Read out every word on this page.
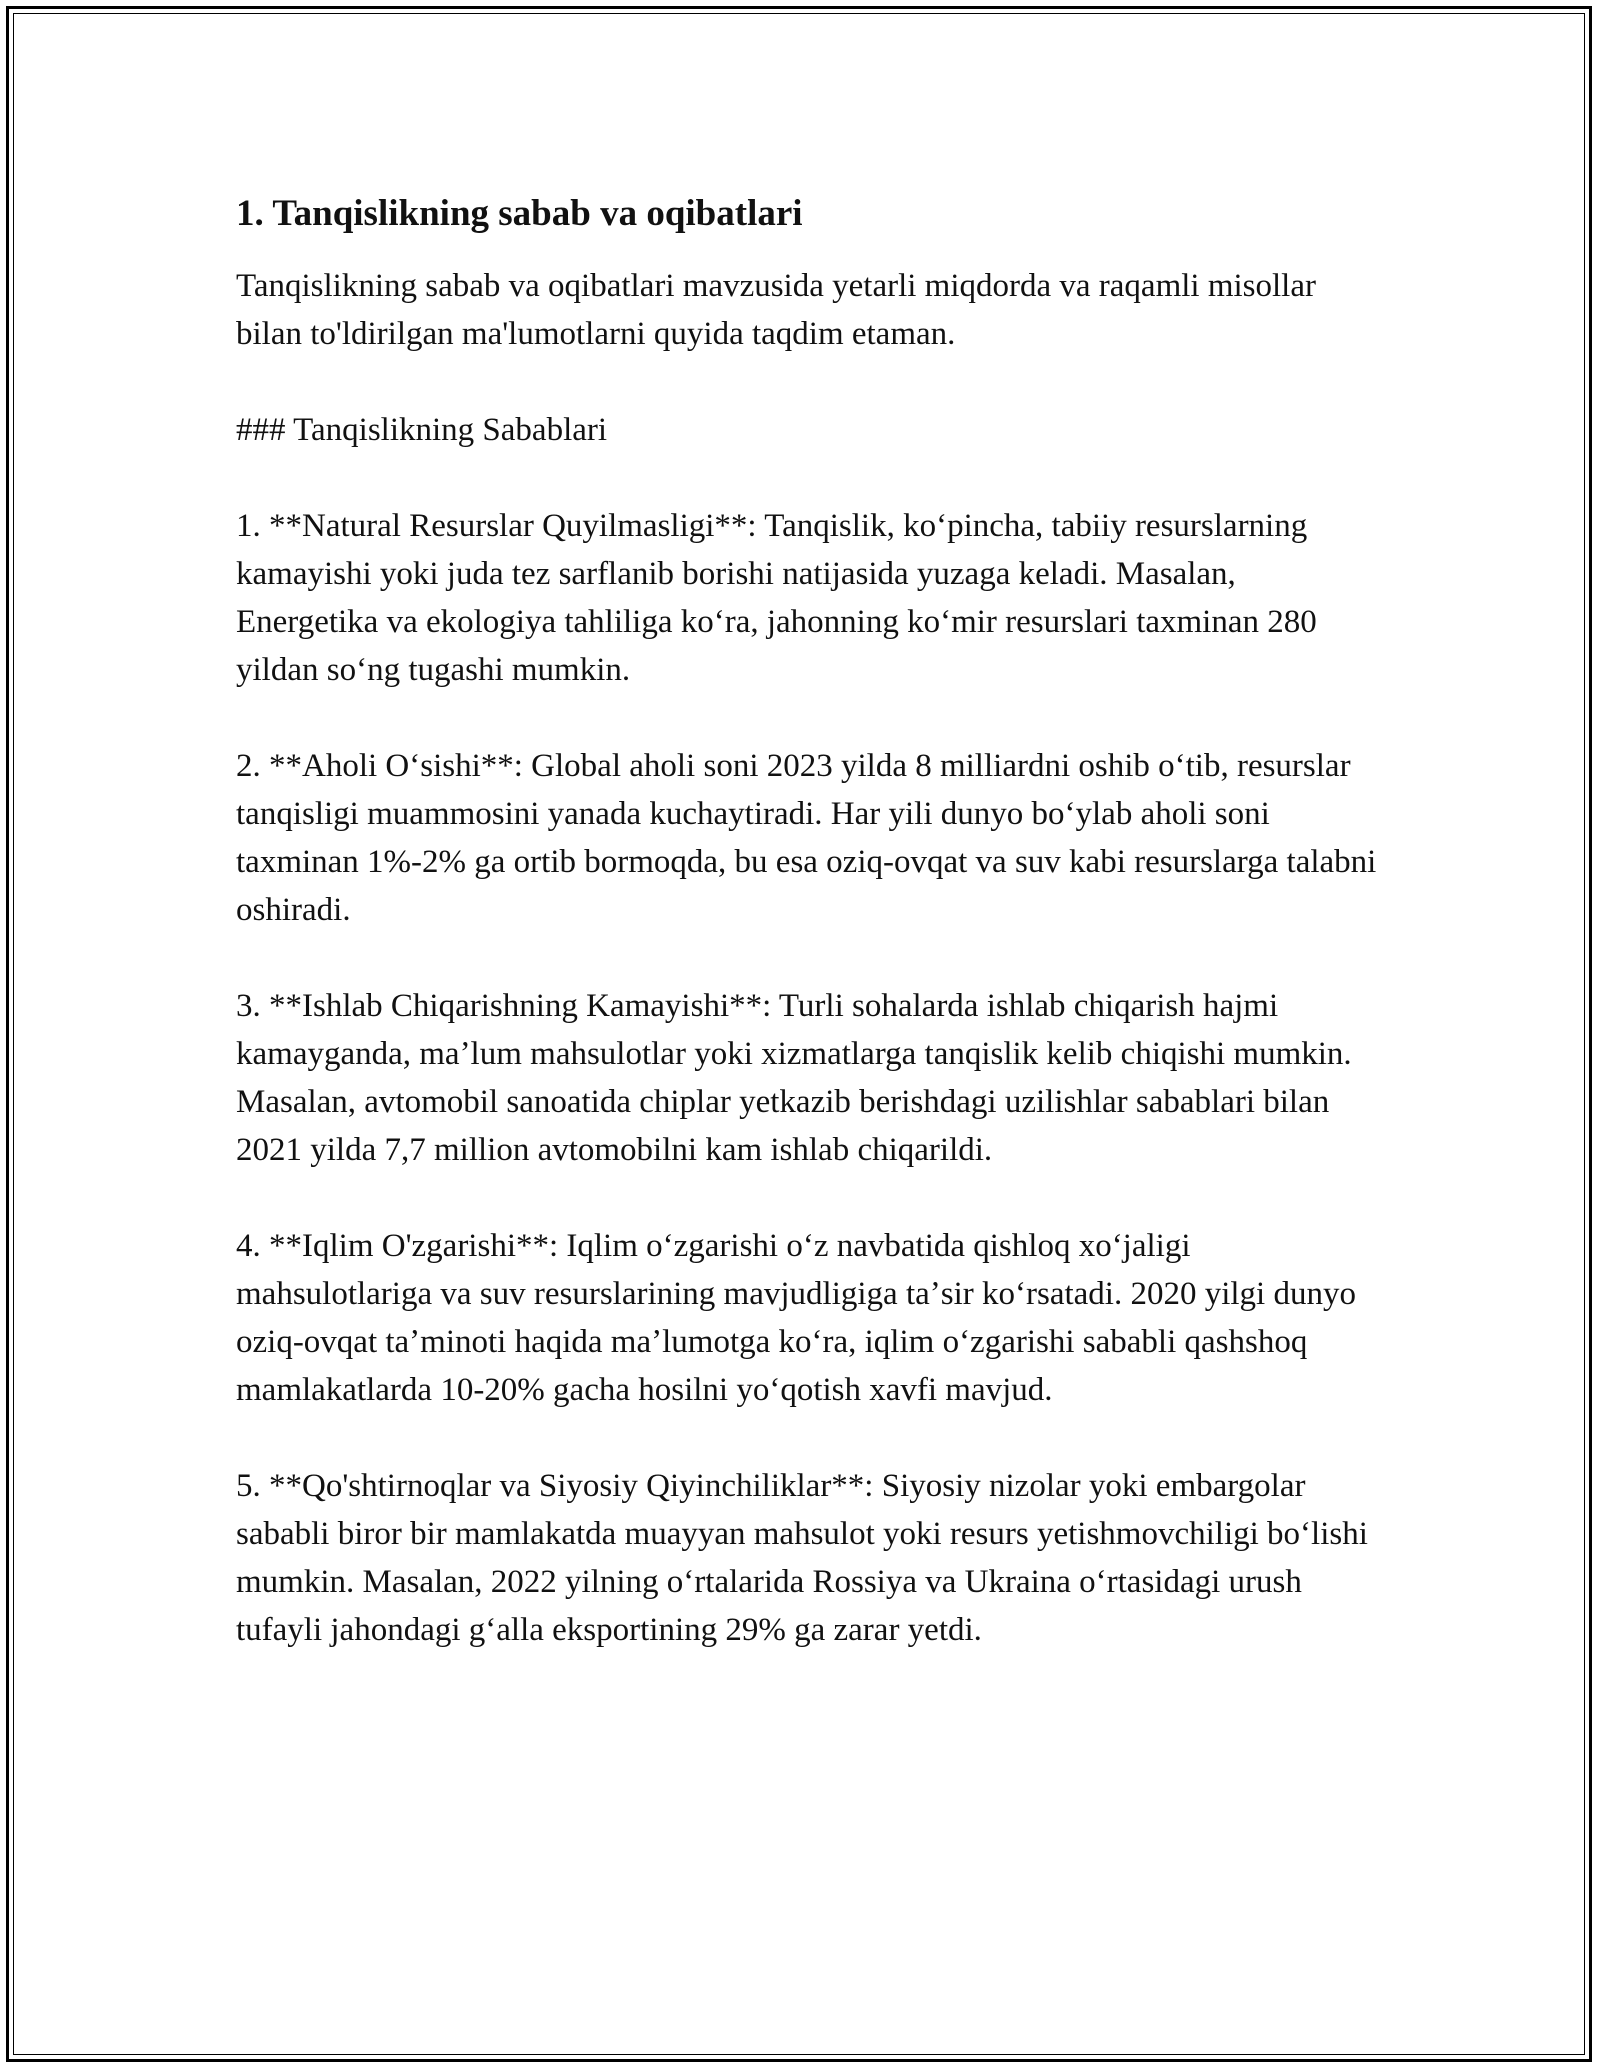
1. Tanqislikning sabab va oqibatlari

Tanqislikning sabab va oqibatlari mavzusida yetarli miqdorda va raqamli misollar bilan to'ldirilgan ma'lumotlarni quyida taqdim etaman.

### Tanqislikning Sabablari

1. **Natural Resurslar Quyilmasligi**: Tanqislik, koʻpincha, tabiiy resurslarning kamayishi yoki juda tez sarflanib borishi natijasida yuzaga keladi. Masalan, Energetika va ekologiya tahliliga koʻra, jahonning koʻmir resurslari taxminan 280 yildan soʻng tugashi mumkin.

2. **Aholi Oʻsishi**: Global aholi soni 2023 yilda 8 milliardni oshib oʻtib, resurslar tanqisligi muammosini yanada kuchaytiradi. Har yili dunyo boʻylab aholi soni taxminan 1%-2% ga ortib bormoqda, bu esa oziq-ovqat va suv kabi resurslarga talabni oshiradi.

3. **Ishlab Chiqarishning Kamayishi**: Turli sohalarda ishlab chiqarish hajmi kamayganda, maʼlum mahsulotlar yoki xizmatlarga tanqislik kelib chiqishi mumkin. Masalan, avtomobil sanoatida chiplar yetkazib berishdagi uzilishlar sabablari bilan 2021 yilda 7,7 million avtomobilni kam ishlab chiqarildi.

4. **Iqlim O'zgarishi**: Iqlim oʻzgarishi oʻz navbatida qishloq xoʻjaligi mahsulotlariga va suv resurslarining mavjudligiga taʼsir koʻrsatadi. 2020 yilgi dunyo oziq-ovqat taʼminoti haqida maʼlumotga koʻra, iqlim oʻzgarishi sababli qashshoq mamlakatlarda 10-20% gacha hosilni yoʻqotish xavfi mavjud.

5. **Qo'shtirnoqlar va Siyosiy Qiyinchiliklar**: Siyosiy nizolar yoki embargolar sababli biror bir mamlakatda muayyan mahsulot yoki resurs yetishmovchiligi boʻlishi mumkin. Masalan, 2022 yilning oʻrtalarida Rossiya va Ukraina oʻrtasidagi urush tufayli jahondagi gʻalla eksportining 29% ga zarar yetdi.
